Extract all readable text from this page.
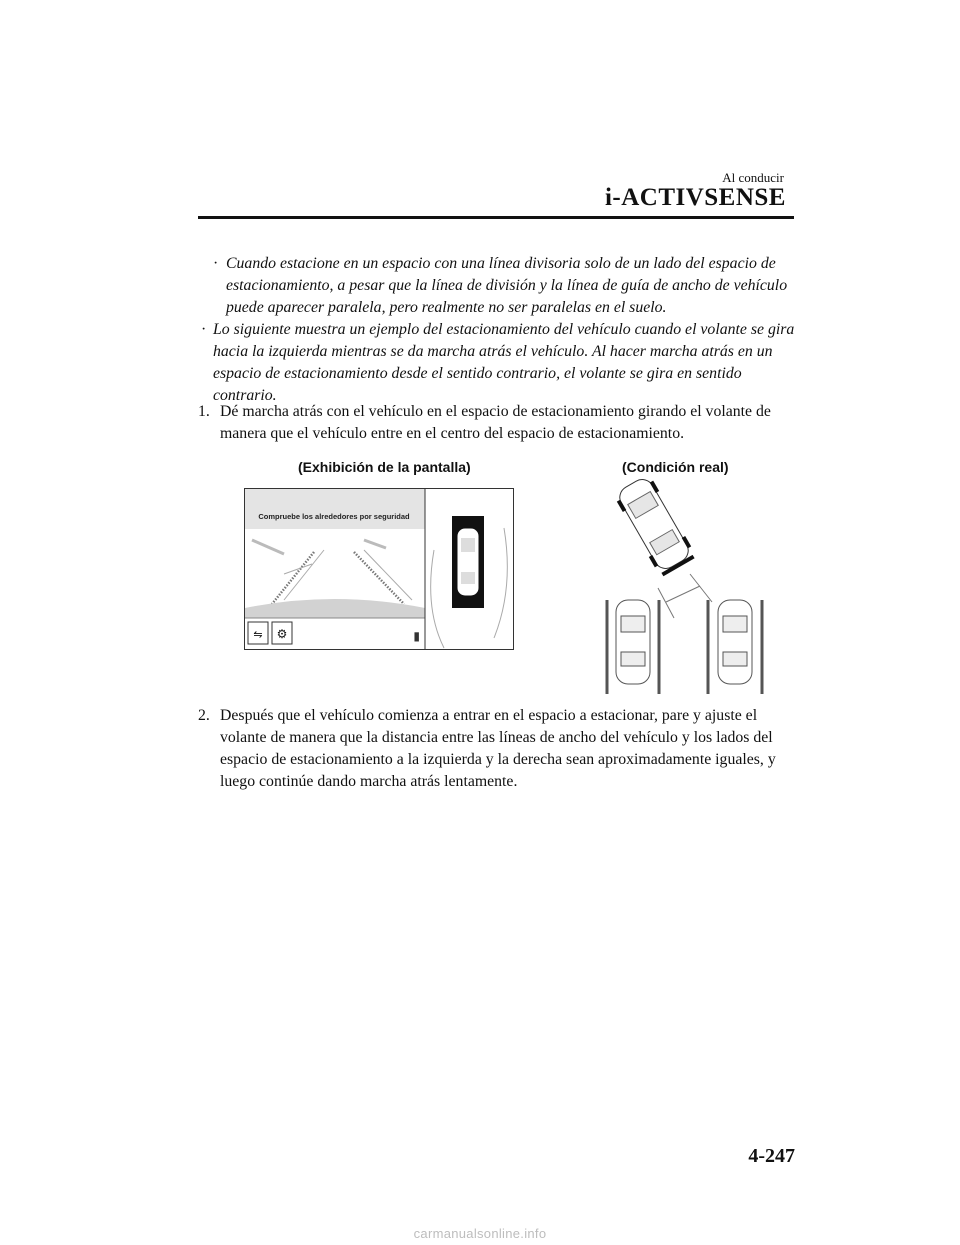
Al conducir
i-ACTIVSENSE
· Cuando estacione en un espacio con una línea divisoria solo de un lado del espacio de estacionamiento, a pesar que la línea de división y la línea de guía de ancho de vehículo puede aparecer paralela, pero realmente no ser paralelas en el suelo.
· Lo siguiente muestra un ejemplo del estacionamiento del vehículo cuando el volante se gira hacia la izquierda mientras se da marcha atrás el vehículo. Al hacer marcha atrás en un espacio de estacionamiento desde el sentido contrario, el volante se gira en sentido contrario.
1. Dé marcha atrás con el vehículo en el espacio de estacionamiento girando el volante de manera que el vehículo entre en el centro del espacio de estacionamiento.
(Exhibición de la pantalla)	(Condición real)
Compruebe los alrededores por seguridad
⇋ ⚙	▮
2. Después que el vehículo comienza a entrar en el espacio a estacionar, pare y ajuste el volante de manera que la distancia entre las líneas de ancho del vehículo y los lados del espacio de estacionamiento a la izquierda y la derecha sean aproximadamente iguales, y luego continúe dando marcha atrás lentamente.
4-247
carmanualsonline.info
